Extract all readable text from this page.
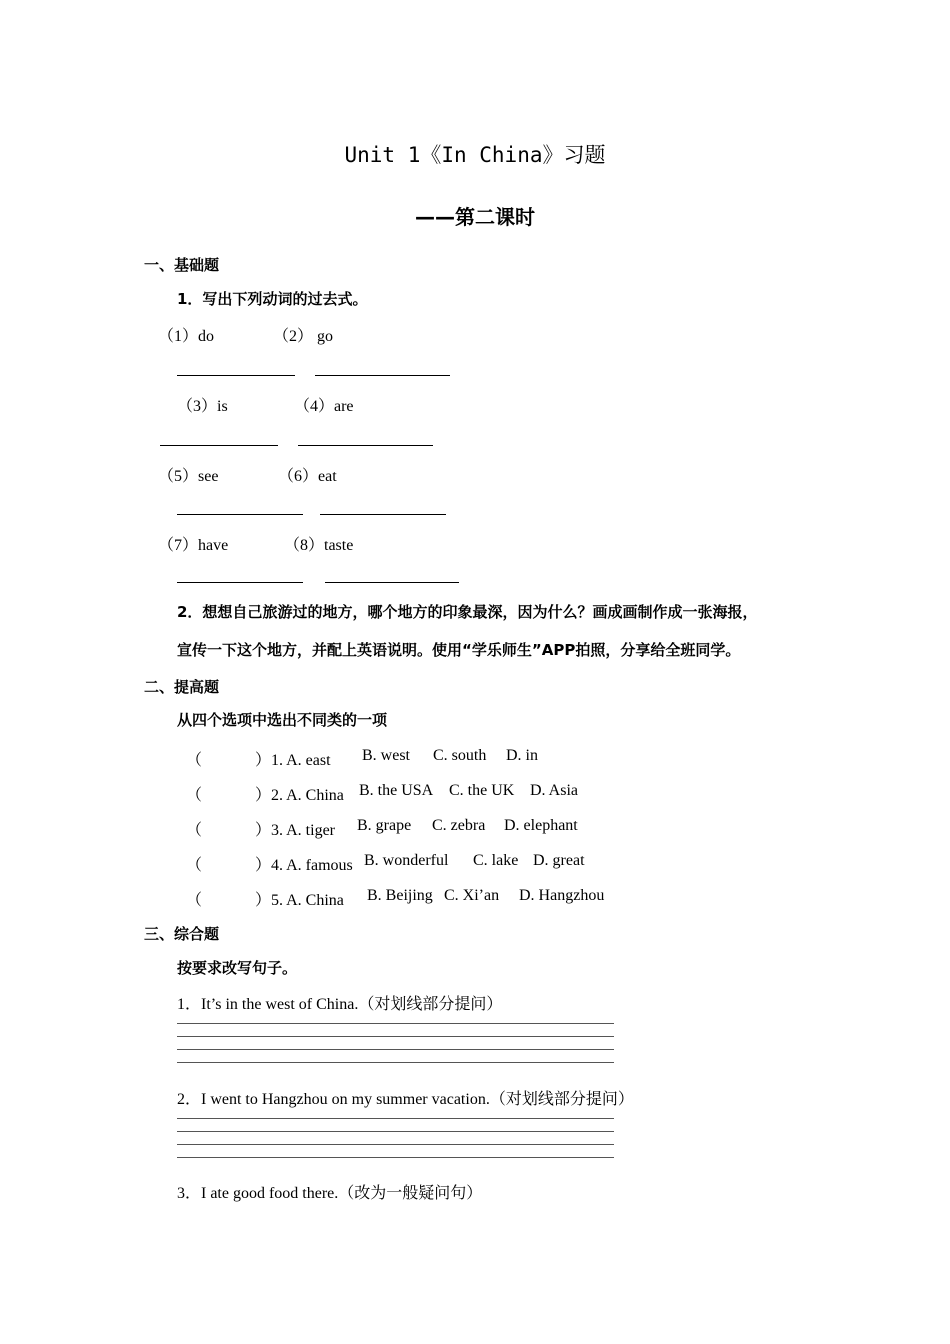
Unit 1《In China》习题
——第二课时
一、基础题
1．写出下列动词的过去式。
（1）do	（2） go
（3）is	（4）are
（5）see	（6）eat
（7）have	（8）taste
2．想想自己旅游过的地方，哪个地方的印象最深，因为什么？画成画制作成一张海报，
宣传一下这个地方，并配上英语说明。使用“学乐师生”APP拍照，分享给全班同学。
二、提高题
从四个选项中选出不同类的一项
（	）1. A. east B. west C. south D. in
（	）2. A. China B. the USA C. the UK D. Asia
（	）3. A. tiger B. grape C. zebra D. elephant
（	）4. A. famous B. wonderful C. lake D. great
（	）5. A. China B. Beijing C. Xi’an D. Hangzhou
三、综合题
按要求改写句子。
1．It’s in the west of China.（对划线部分提问）
2．I went to Hangzhou on my summer vacation.（对划线部分提问）
3．I ate good food there.（改为一般疑问句）
